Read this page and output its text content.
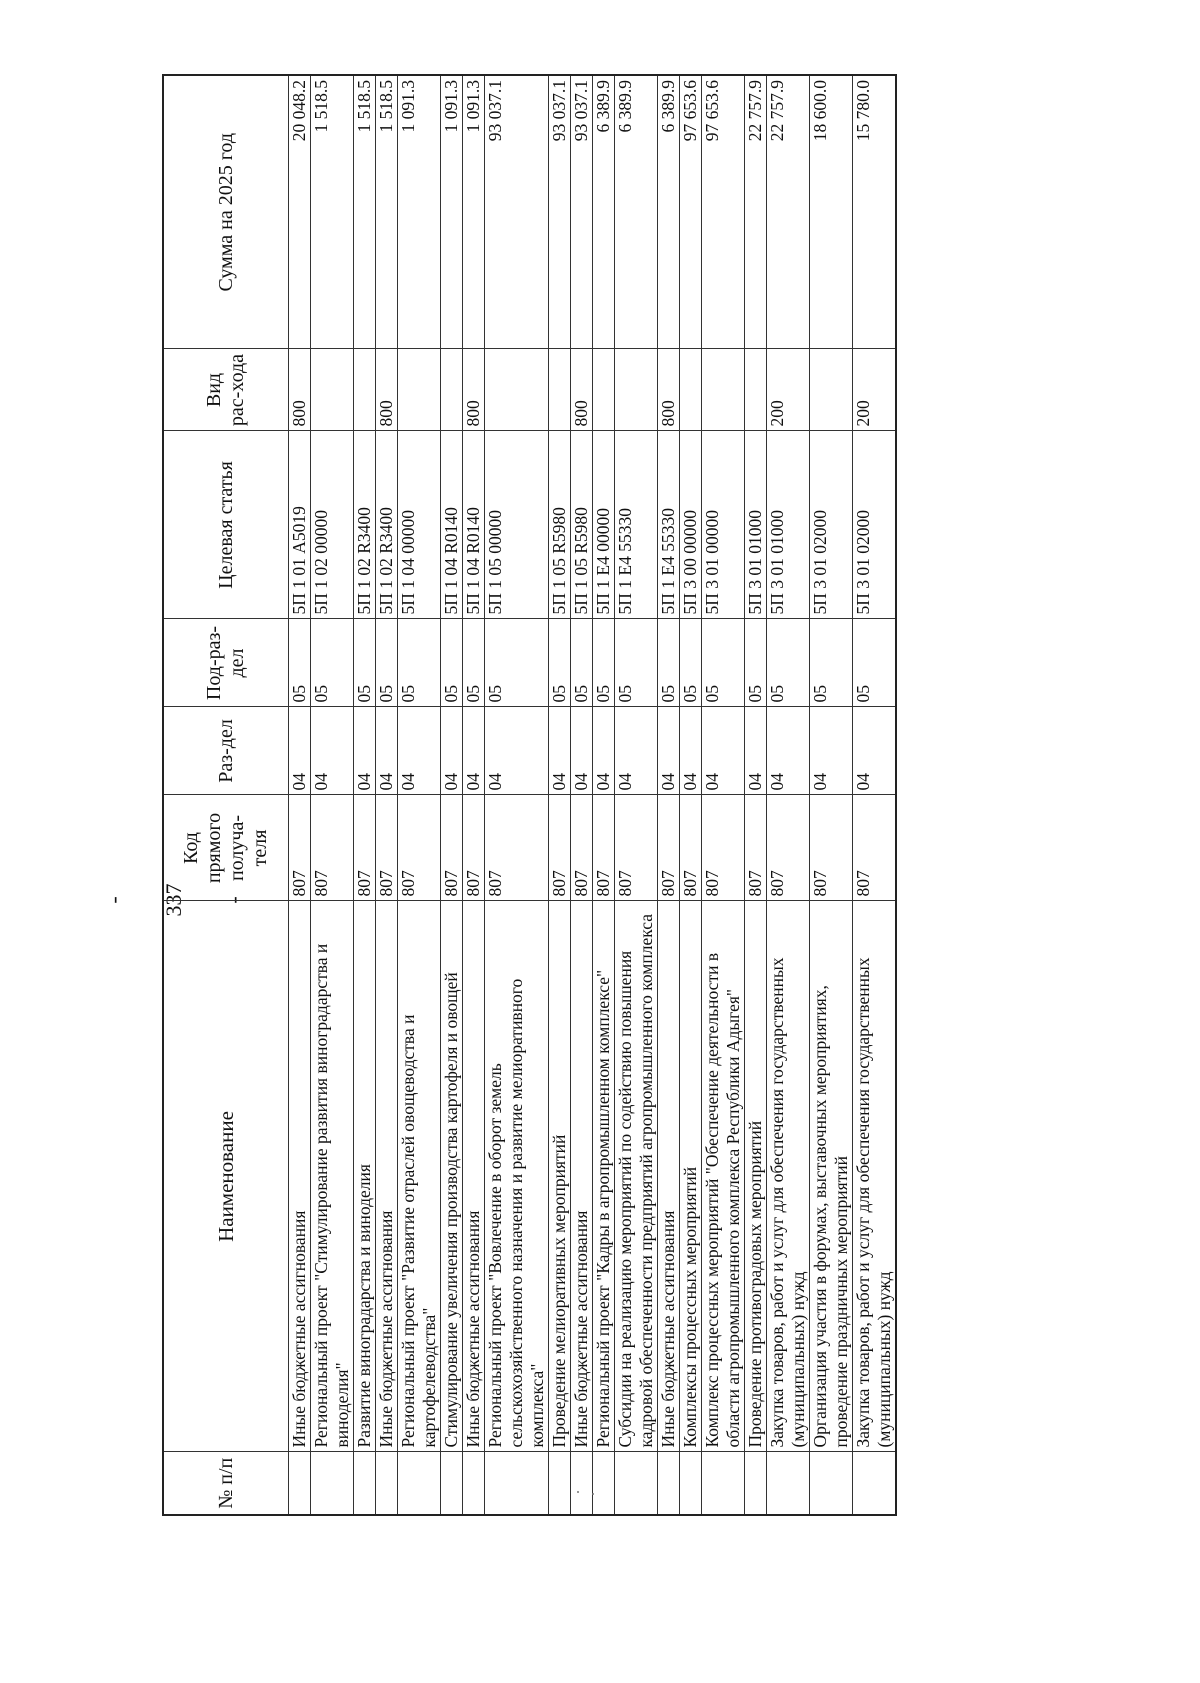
- 337 -
№ п/п	Наименование	Код прямого получа-теля	Раз-дел	Под-раз-дел	Целевая статья	Вид рас-хода	Сумма на 2025 год
	Иные бюджетные ассигнования	807	04	05	5П 1 01 А5019	800	20 048.2
	Региональный проект "Стимулирование развития виноградарства и виноделия"	807	04	05	5П 1 02 00000		1 518.5
	Развитие виноградарства и виноделия	807	04	05	5П 1 02 R3400		1 518.5
	Иные бюджетные ассигнования	807	04	05	5П 1 02 R3400	800	1 518.5
	Региональный проект "Развитие отраслей овощеводства и картофелеводства"	807	04	05	5П 1 04 00000		1 091.3
	Стимулирование увеличения производства картофеля и овощей	807	04	05	5П 1 04 R0140		1 091.3
	Иные бюджетные ассигнования	807	04	05	5П 1 04 R0140	800	1 091.3
	Региональный проект "Вовлечение в оборот земель сельскохозяйственного назначения и развитие мелиоративного комплекса"	807	04	05	5П 1 05 00000		93 037.1
	Проведение мелиоративных мероприятий	807	04	05	5П 1 05 R5980		93 037.1
	Иные бюджетные ассигнования	807	04	05	5П 1 05 R5980	800	93 037.1
	Региональный проект "Кадры в агропромышленном комплексе"	807	04	05	5П 1 Е4 00000		6 389.9
	Субсидии на реализацию мероприятий по содействию повышения кадровой обеспеченности предприятий агропромышленного комплекса	807	04	05	5П 1 Е4 55330		6 389.9
	Иные бюджетные ассигнования	807	04	05	5П 1 Е4 55330	800	6 389.9
	Комплексы процессных мероприятий	807	04	05	5П 3 00 00000		97 653.6
	Комплекс процессных мероприятий "Обеспечение деятельности в области агропромышленного комплекса Республики Адыгея"	807	04	05	5П 3 01 00000		97 653.6
	Проведение противоградовых мероприятий	807	04	05	5П 3 01 01000		22 757.9
	Закупка товаров, работ и услуг для обеспечения государственных (муниципальных) нужд	807	04	05	5П 3 01 01000	200	22 757.9
	Организация участия в форумах, выставочных мероприятиях, проведение праздничных мероприятий	807	04	05	5П 3 01 02000		18 600.0
	Закупка товаров, работ и услуг для обеспечения государственных (муниципальных) нужд	807	04	05	5П 3 01 02000	200	15 780.0
